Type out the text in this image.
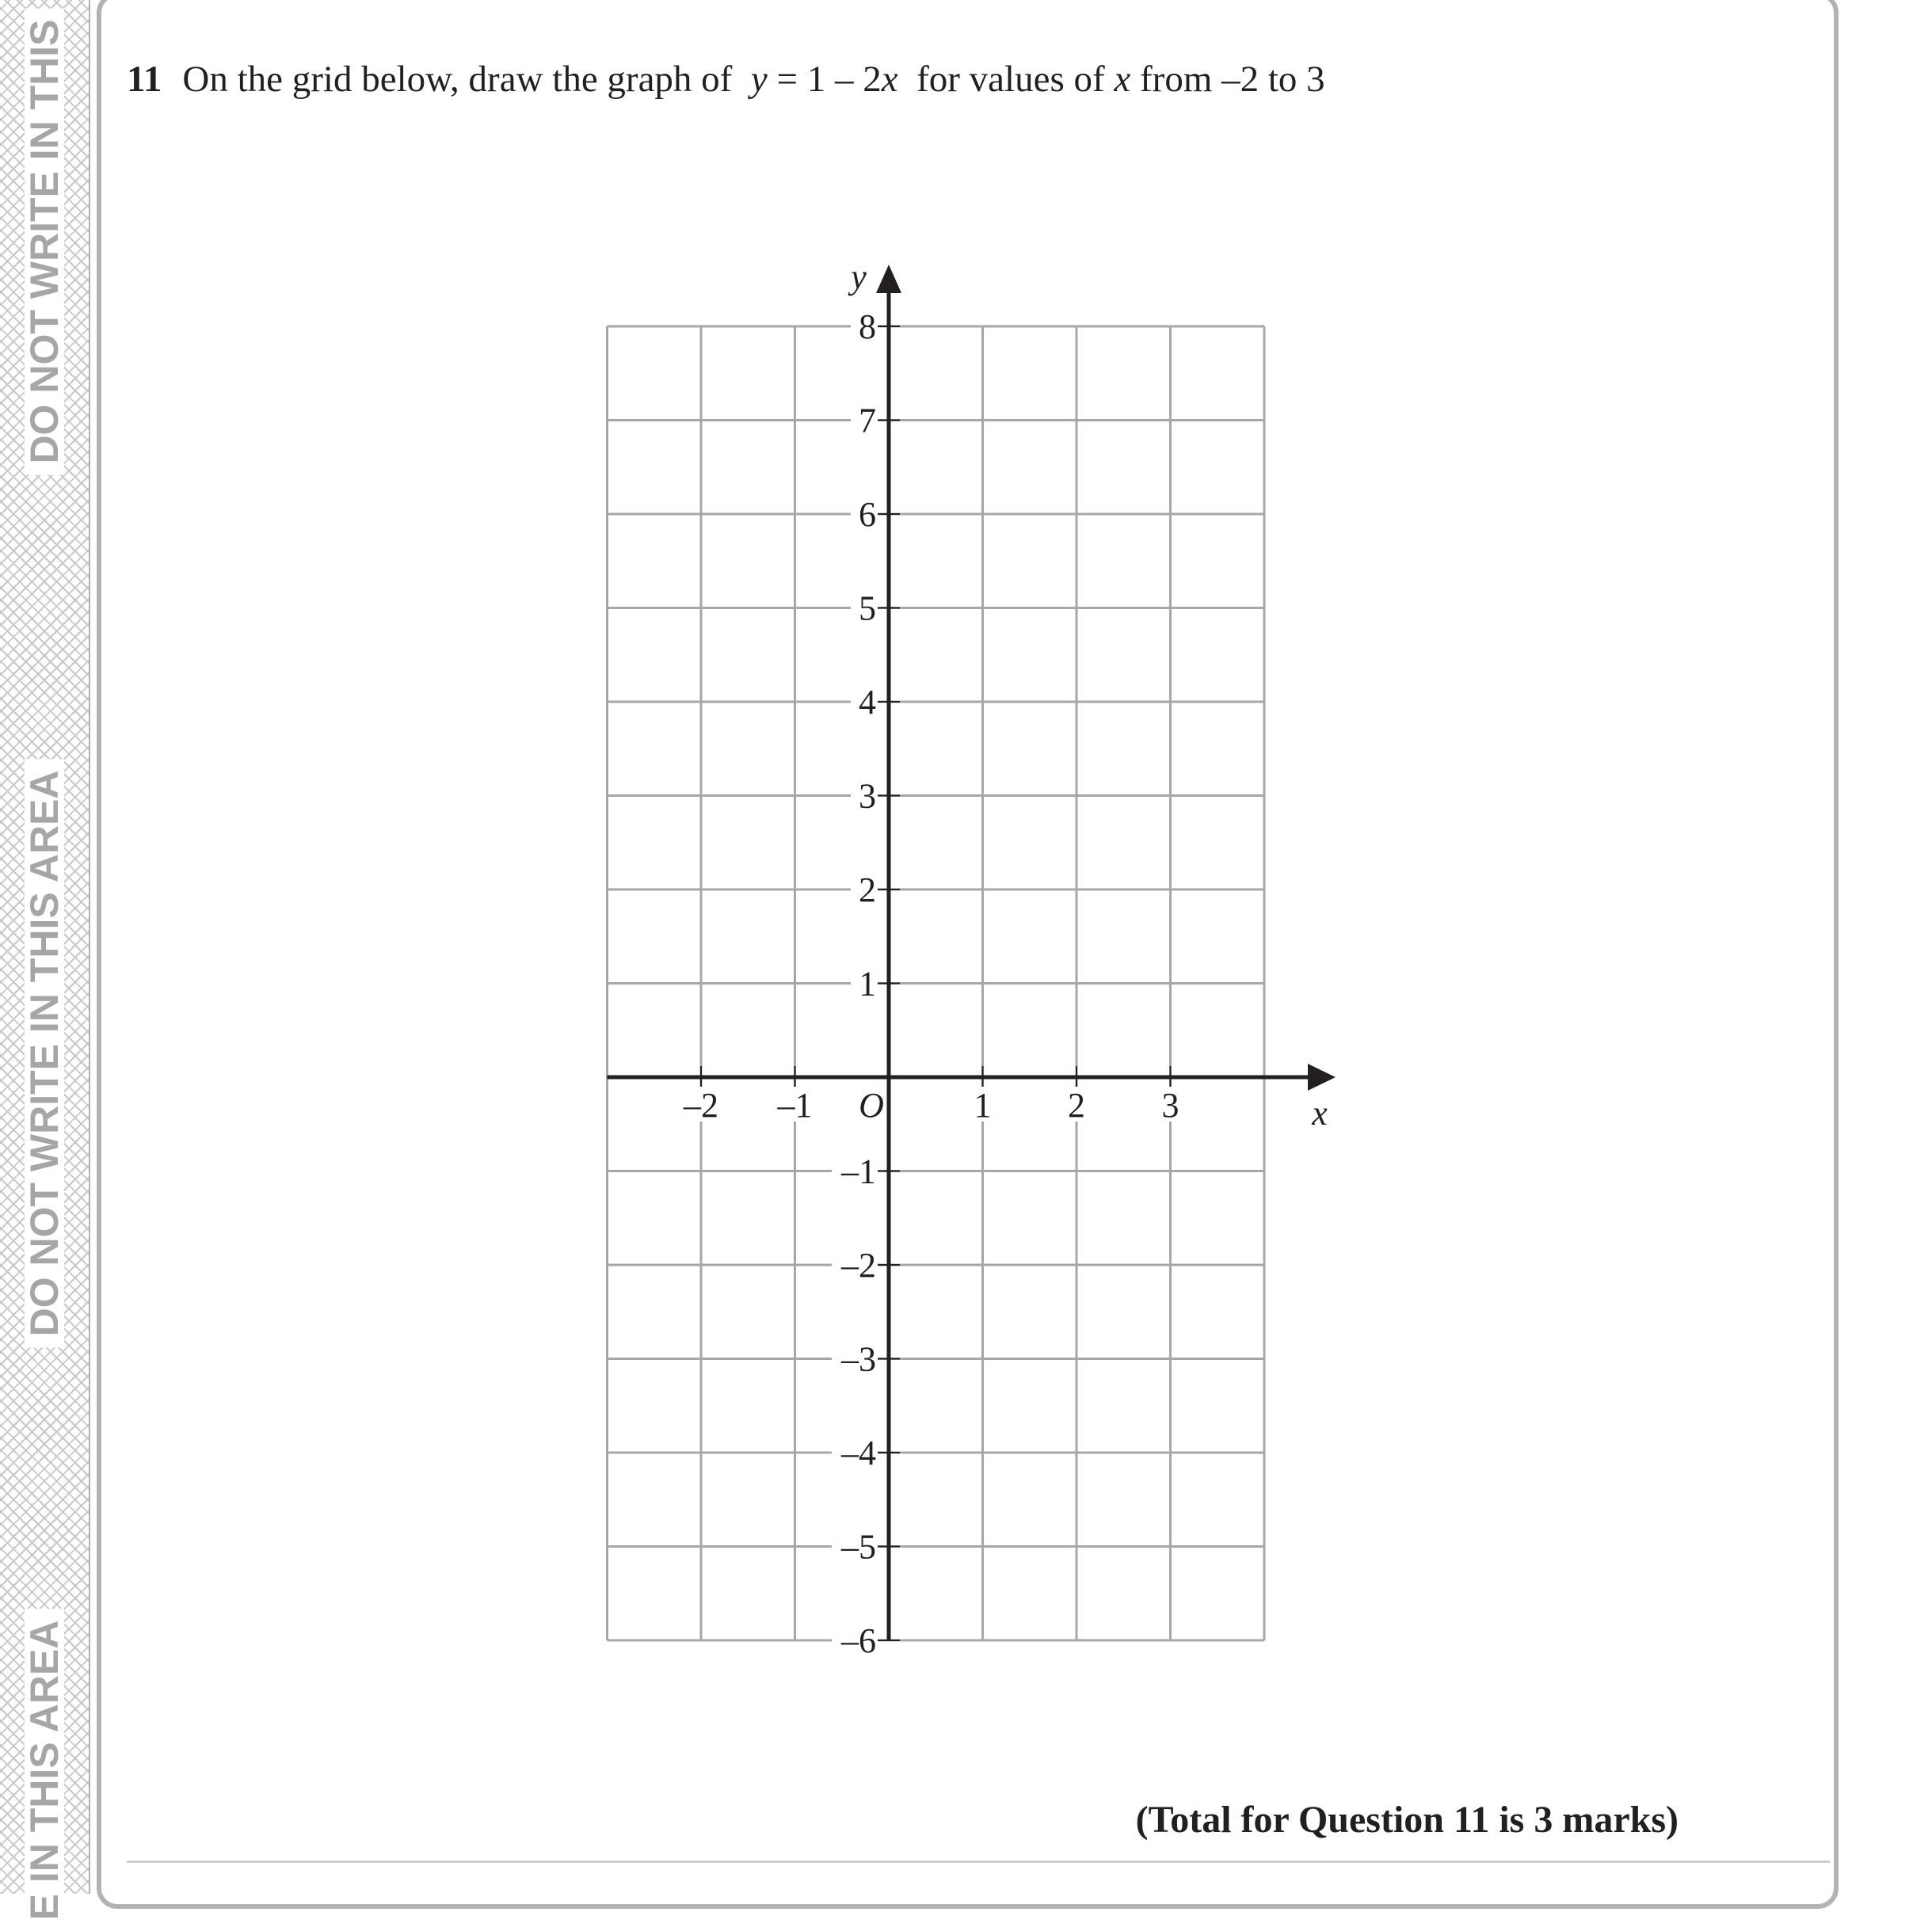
DO NOT WRITE IN THIS
DO NOT WRITE IN THIS AREA
E IN THIS AREA
11 On the grid below, draw the graph of y = 1 – 2x for values of x from –2 to 3
8
7
6
5
4
3
2
1
–1
–2
–3
–4
–5
–6
–2 –1	1 2 3
O	x
y
(Total for Question 11 is 3 marks)
